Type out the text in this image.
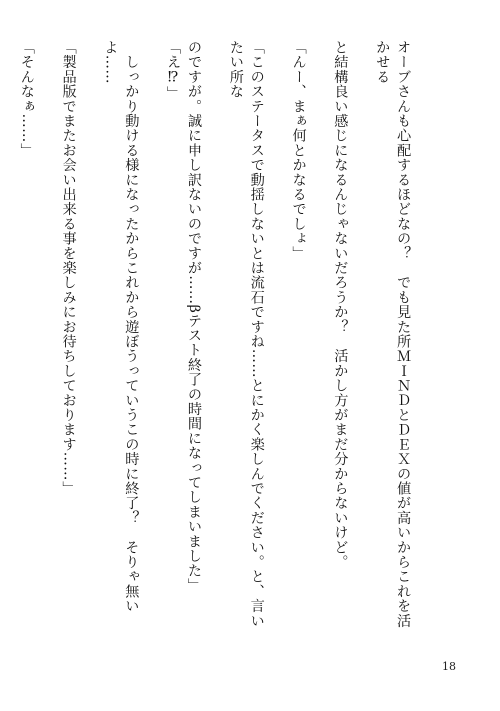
オーブさんも心配するほどなの？　でも見た所ＭＩＮＤとＤＥＸの値が高いからこれを活かせる

と結構良い感じになるんじゃないだろうか？　活かし方がまだ分からないけど。

「んー、まぁ何とかなるでしょ」

「このステータスで動揺しないとは流石ですね……とにかく楽しんでください。と、言いたい所な

のですが。誠に申し訳ないのですが……βテスト終了の時間になってしまいました」「え⁉」

　しっかり動ける様になったからこれから遊ぼうっていうこの時に終了？　そりゃ無いよ……

「製品版でまたお会い出来る事を楽しみにお待ちしております……」

「そんなぁ……」

18
